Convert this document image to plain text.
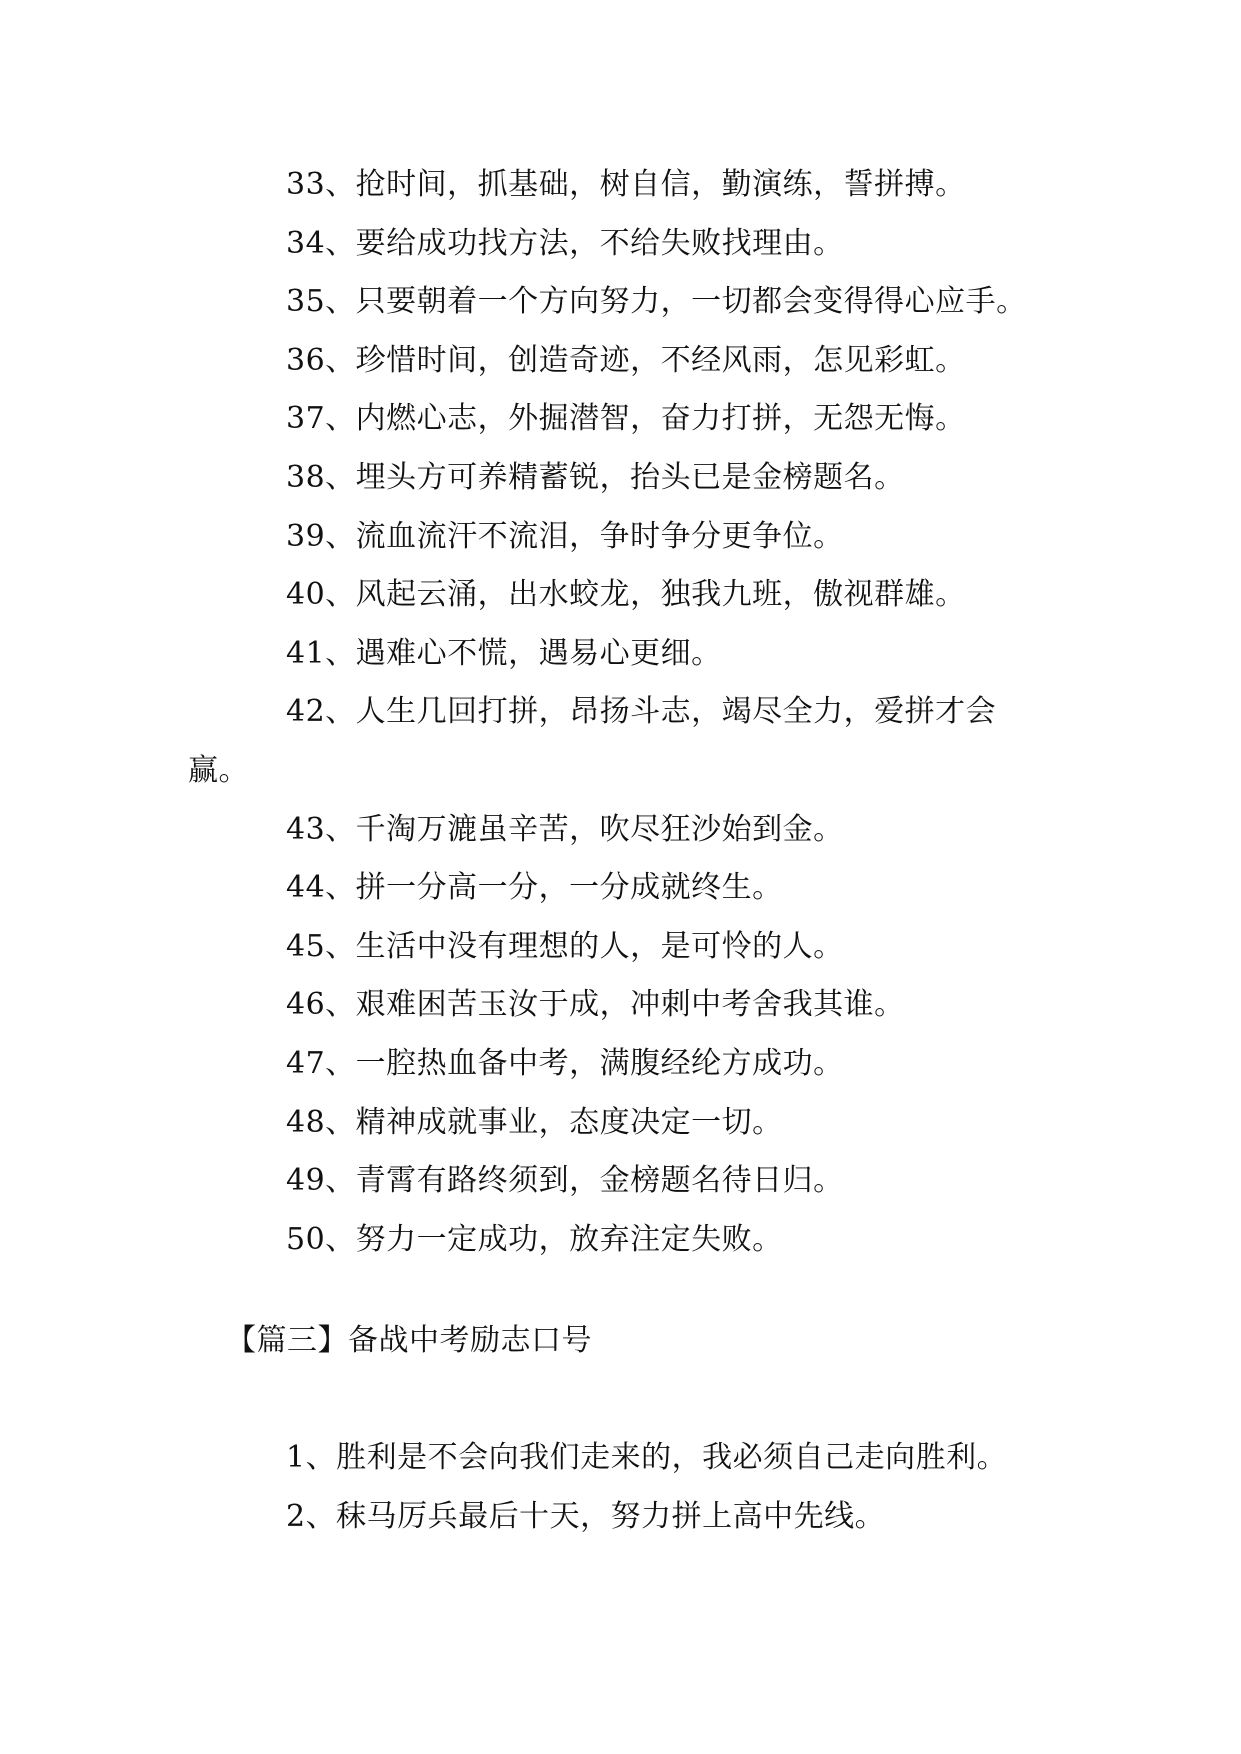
33、抢时间，抓基础，树自信，勤演练，誓拼搏。

34、要给成功找方法，不给失败找理由。

35、只要朝着一个方向努力，一切都会变得得心应手。

36、珍惜时间，创造奇迹，不经风雨，怎见彩虹。

37、内燃心志，外掘潜智，奋力打拼，无怨无悔。

38、埋头方可养精蓄锐，抬头已是金榜题名。

39、流血流汗不流泪，争时争分更争位。

40、风起云涌，出水蛟龙，独我九班，傲视群雄。

41、遇难心不慌，遇易心更细。

42、人生几回打拼，昂扬斗志，竭尽全力，爱拼才会

赢。

43、千淘万漉虽辛苦，吹尽狂沙始到金。

44、拼一分高一分，一分成就终生。

45、生活中没有理想的人，是可怜的人。

46、艰难困苦玉汝于成，冲刺中考舍我其谁。

47、一腔热血备中考，满腹经纶方成功。

48、精神成就事业，态度决定一切。

49、青霄有路终须到，金榜题名待日归。

50、努力一定成功，放弃注定失败。

【篇三】备战中考励志口号

1、胜利是不会向我们走来的，我必须自己走向胜利。

2、秣马厉兵最后十天，努力拼上高中先线。
